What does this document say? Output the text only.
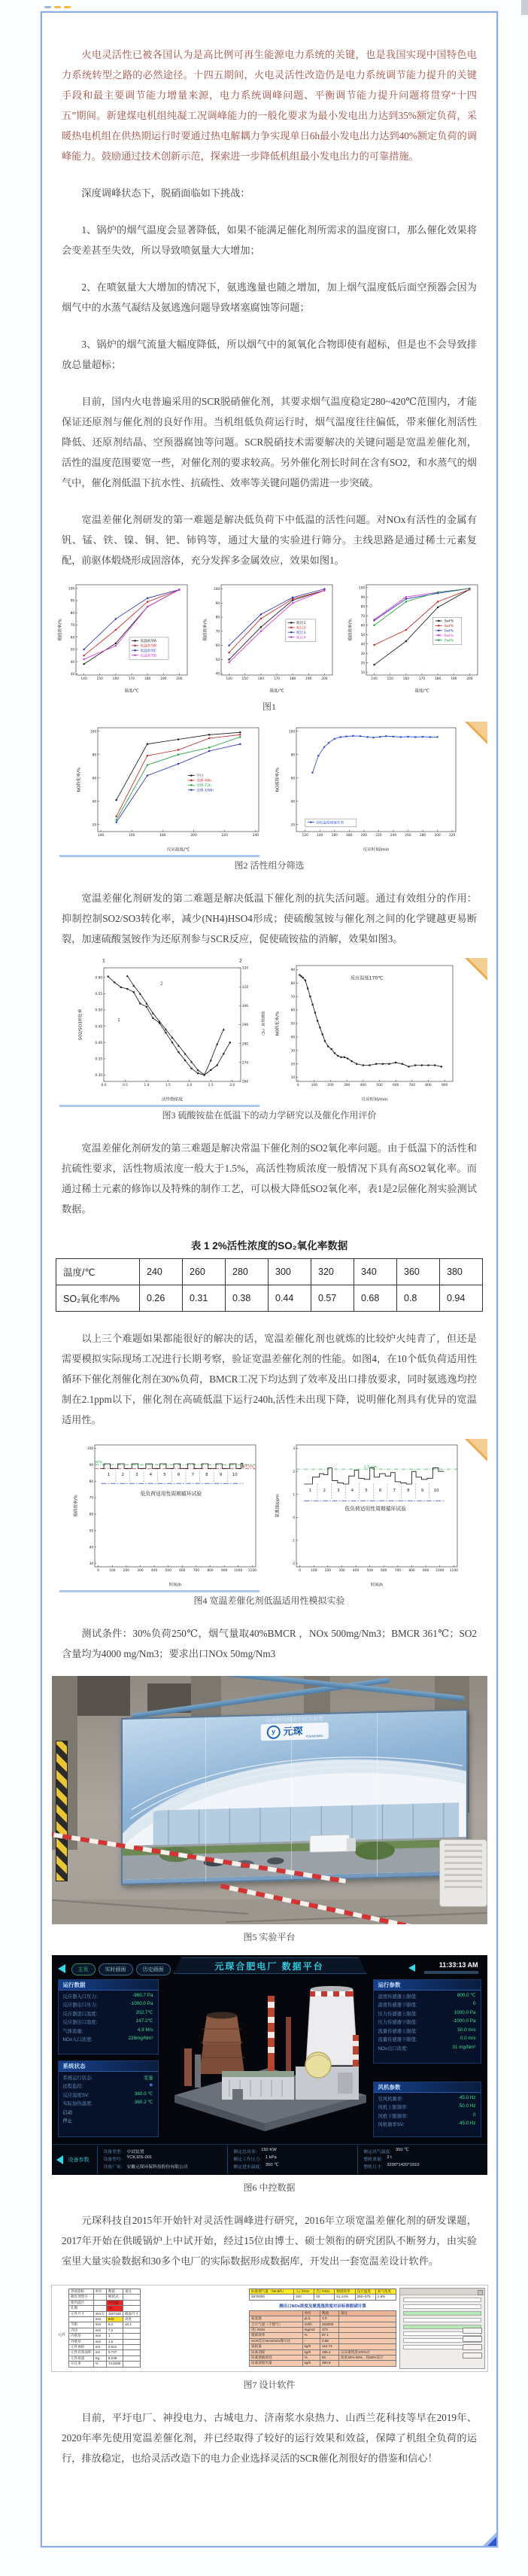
火电灵活性已被各国认为是高比例可再生能源电力系统的关键，也是我国实现中国特色电力系统转型之路的必然途径。十四五期间，火电灵活性改造仍是电力系统调节能力提升的关键手段和最主要调节能力增量来源，电力系统调峰问题、平衡调节能力提升问题将贯穿“十四五”期间。新建煤电机组纯凝工况调峰能力的一般化要求为最小发电出力达到35%额定负荷，采暖热电机组在供热期运行时要通过热电解耦力争实现单日6h最小发电出力达到40%额定负荷的调峰能力。鼓励通过技术创新示范，探索进一步降低机组最小发电出力的可靠措施。

深度调峰状态下，脱硝面临如下挑战：

1、锅炉的烟气温度会显著降低，如果不能满足催化剂所需求的温度窗口，那么催化效果将会变差甚至失效，所以导致喷氨量大大增加；

2、在喷氨量大大增加的情况下，氨逃逸量也随之增加，加上烟气温度低后面空预器会因为烟气中的水蒸气凝结及氨逃逸问题导致堵塞腐蚀等问题；

3、锅炉的烟气流量大幅度降低，所以烟气中的氮氧化合物即使有超标，但是也不会导致排放总量超标；

目前，国内火电普遍采用的SCR脱硝催化剂，其要求烟气温度稳定280~420℃范围内，才能保证还原剂与催化剂的良好作用。当机组低负荷运行时，烟气温度往往偏低，带来催化剂活性降低、还原剂结晶、空预器腐蚀等问题。SCR脱硝技术需要解决的关键问题是宽温差催化剂，活性的温度范围要宽一些，对催化剂的要求较高。另外催化剂长时间在含有SO2，和水蒸气的烟气中，催化剂低温下抗水性、抗硫性、效率等关键问题仍需进一步突破。

宽温差催化剂研发的第一难题是解决低负荷下中低温的活性问题。对NOx有活性的金属有钒、锰、铁、镍、铜、钯、铈钨等，通过大量的实验进行筛分。主线思路是通过稀土元素复配，前驱体煅烧形成固溶体，充分发挥多金属效应，效果如图1。

140	150	160	170	180	190	200
30
40
50
60
70
80
90
100
温度/℃
脱硝效率/%
低温助剂A
低温助剂B
低温助剂C
低温助剂D
140	150	160	170	180	190	200
40
50
60
70
80
90
100
温度/℃
脱硝效率/%	配比1
配比2
配比3
配比4
140	150	160	170	180	190	200
10
20
30
40
50
60
70
80
90
100
温度/℃
脱硝效率/%	3wt%
4wt%
5wt%
6wt%
7wt%
图1
140	160	180	200	220	240
20
40
60
80
100
反应温度/℃
NO转化率/%	空白
处理-48h
处理-72h
处理-108h
120	140	160	180	200	220	240	260	280	300	320
20
40
60
80
100
反应时间/min
NO脱除率/%
超低温脱硝催化剂
图2 活性组分筛选

宽温差催化剂研发的第二难题是解决低温下催化剂的抗失活问题。通过有效组分的作用：抑制控制SO2/SO3转化率，减少(NH4)HSO4形成；使硫酸氢铵与催化剂之间的化学键越更易断裂，加速硫酸氢铵作为还原剂参与SCR反应，促使硫铵盐的消解，效果如图3。

0.0	0.5	1.0	1.5	2.0	2.5	3.0
0.30
0.35
0.40
0.45
0.50
0.55
0.60
260
270
280
290
300
310
320
脱硝温度（℃）
活性物浓度
SO2/SO3转化率
1	2
1
2
0	100	200	300	400	500	600	700	800	900
10
20
30
40
50
60
70
80
90
反应时间/min
NO转化率/%
反应温度170℃
图3 硫酸铵盐在低温下的动力学研究以及催化作用评价

宽温差催化剂研发的第三难题是解决常温下催化剂的SO2氧化率问题。由于低温下的活性和抗硫性要求，活性物质浓度一般大于1.5%，高活性物质浓度一般情况下具有高SO2氧化率。而通过稀土元素的修饰以及特殊的制作工艺，可以极大降低SO2氧化率，表1是2层催化剂实验测试数据。

表 1 2%活性浓度的SO₂氧化率数据
温度/℃	240	260	280	300	320	340	360	380
SO₂氧化率/%	0.26	0.31	0.38	0.44	0.57	0.68	0.8	0.94

以上三个难题如果都能很好的解决的话，宽温差催化剂也就炼的比较炉火纯青了，但还是需要模拟实际现场工况进行长期考察，验证宽温差催化剂的性能。如图4，在10个低负荷适用性循环下催化剂催化剂在30%负荷，BMCR工况下均达到了效率及出口排放要求，同时氨逃逸均控制在2.1ppm以下，催化剂在高硫低温下运行240h,活性未出现下降，说明催化剂具有优异的宽温适用性。

0	100 200 300 400 500 600 700 800 900 1000 1100
30
40
50
60
70
80
90
100
时间/h
脱硝效率/%
90%
87.5%
1	2	3	4	5	6	7	8	9 10
低负荷适用性周期循环试验
0	100 200 300 400 500 600 700 800 900 1000 1100
-2
-1
0
1
2
3
时间/h
氨逃逸/ppm
2.1ppm
1	2	3	4	5	6	7	8	9 10
低负荷适用性周期循环试验
图4 宽温差催化剂低温适用性模拟实验

测试条件：30%负荷250℃，烟气量取40%BMCR ，NOx 500mg/Nm3；BMCR 361℃；SO2含量均为4000 mg/Nm3；要求出口NOx 50mg/Nm3

元琛科技移动中试实验室
y 元琛 YUANCHEN
图5 实验平台
元琛合肥电厂 数据平台
主页	实时画面	历史画面
11:33:13 AM
运行数据
反应器入口压力:	-960.7 Pa
反应器出口压力:	-1000.0 Pa
反应器进口温度:	202.7℃
反应器出口温度:	147.2℃
气体流量:	4.9 M/s
NOx入口浓度:	228mg/Nm³
系统状态
系统运行状态:	变量
远程监控:	●
反应温度SV:	360.0 ℃
实际加热温度:	360.2 ℃
启动
停止
运行参数
温度传感器上限值:	800.0 ℃
温度传感器下限值:	0
压力传感器上限值:	1000.0 Pa
压力传感器下限值:	-1000.0 Pa
流量传感器上限值:	50.0 m/s
流量传感器下限值:	0.0 m/s
NOx出口浓度:	31 mg/Nm³
风机参数
引风机频率:	45.0 Hz
风机上限频率:	50.0 Hz
风机下限频率:	0
风机频率SV:	45.0 Hz
设备参数
设备类型: 中试装置
设备型号: YCKJZS-001
设备厂家: 安徽元琛环保科技股份有限公司
额定总功率: 150 KW
额定工作压力: 1 kPa
额定进水温度: 350 ℃
额定出气温度: 350 ℃
整机重量: 2 t
整机尺寸: 3200*1420*1910
图6 中控数据

元琛科技自2015年开始针对灵活性调峰进行研究，2016年立项宽温差催化剂的研发课题，2017年开始在供暖锅炉上中试开始，经过15位由博士、硕士领衔的研究团队不断努力，由实验室里大量实验数据和30多个电厂的实际数据形成数据库，开发出一套宽温差设计软件。

元件
各项指标	单位	数值	备注
催化剂型号		蜂窝式	
使用温区		中高温	
孔数		18	
元件尺寸	mm方	150*150	截面尺寸
	mm	840	高度
节距	mm	8.2	±0.1
内径	mm	7.2	
内壁厚	mm	1	
外壁厚	mm	1.5	
元件体积	m3	0.021	
元件有效面积	m2	0.727	
元件质量	Kg	8.249	
开孔率	%	74.6406	
标准烟气量（Nm3/h）	入口NOx	出口NOx	脱硝效率	设计温度	氧气浓度
2670000	150	40	61.14%	250~375	1.8%
测出口NOx浓度及氨逃逸浓度对应标准脱硝计算
	单位	数值	备注
氨逃逸	μL/L	3.0	
合计气量（干烟气）	m3/h	263000	
进口NOx	mg/m3	373	
脱硝效率	%	87.1	
SCR反应NH3/NOx摩尔比	-	0.88	
氨耗量	kg/h	110.74	
尿素消耗	kg/h	195.4	以尿素纯度100%计
尿素溶液浓度	%	50	浓度40%-60%，按50%设计
尿素溶液用量	kg/h	390.8	
图7 设计软件

目前，平圩电厂、神投电力、古城电力、济南浆水泉热力、山西兰花科技等早在2019年、2020年率先使用宽温差催化剂，并已经取得了较好的运行效果和效益，保障了机组全负荷的运行，排放稳定，也给灵活改造下的电力企业选择灵活的SCR催化剂很好的借鉴和信心！
